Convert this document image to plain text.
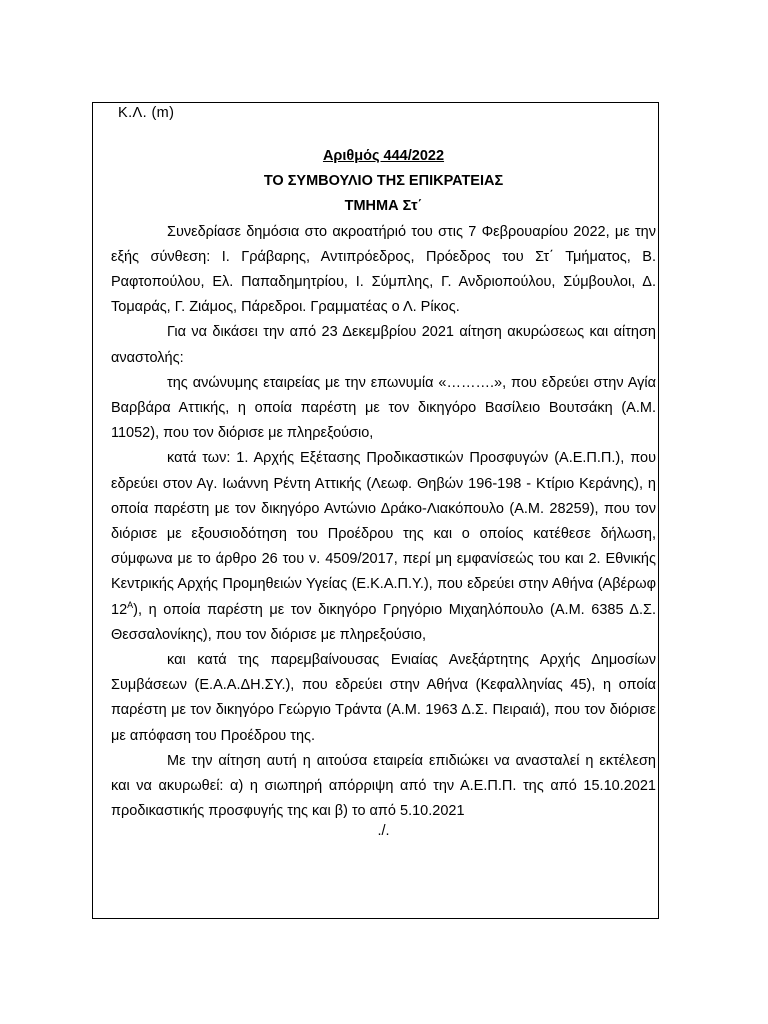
Κ.Λ. (m)

Αριθμός 444/2022

ΤΟ ΣΥΜΒΟΥΛΙΟ ΤΗΣ ΕΠΙΚΡΑΤΕΙΑΣ

ΤΜΗΜΑ Στ΄

Συνεδρίασε δημόσια στο ακροατήριό του στις 7 Φεβρουαρίου 2022, με την εξής σύνθεση: Ι. Γράβαρης, Αντιπρόεδρος, Πρόεδρος του Στ΄ Τμήματος, Β. Ραφτοπούλου, Ελ. Παπαδημητρίου, Ι. Σύμπλης, Γ. Ανδριοπούλου, Σύμβουλοι, Δ. Τομαράς, Γ. Ζιάμος, Πάρεδροι. Γραμματέας ο Λ. Ρίκος.

Για να δικάσει την από 23 Δεκεμβρίου 2021 αίτηση ακυρώσεως και αίτηση αναστολής:

της ανώνυμης εταιρείας με την επωνυμία «……….», που εδρεύει στην Αγία Βαρβάρα Αττικής, η οποία παρέστη με τον δικηγόρο Βασίλειο Βουτσάκη (Α.Μ. 11052), που τον διόρισε με πληρεξούσιο,

κατά των: 1. Αρχής Εξέτασης Προδικαστικών Προσφυγών (Α.Ε.Π.Π.), που εδρεύει στον Αγ. Ιωάννη Ρέντη Αττικής (Λεωφ. Θηβών 196-198 - Κτίριο Κεράνης), η οποία παρέστη με τον δικηγόρο Αντώνιο Δράκο-Λιακόπουλο (Α.Μ. 28259), που τον διόρισε με εξουσιοδότηση του Προέδρου της και ο οποίος κατέθεσε δήλωση, σύμφωνα με το άρθρο 26 του ν. 4509/2017, περί μη εμφανίσεώς του και 2. Εθνικής Κεντρικής Αρχής Προμηθειών Υγείας (Ε.Κ.Α.Π.Υ.), που εδρεύει στην Αθήνα (Αβέρωφ $12^A$), η οποία παρέστη με τον δικηγόρο Γρηγόριο Μιχαηλόπουλο (Α.Μ. 6385 Δ.Σ. Θεσσαλονίκης), που τον διόρισε με πληρεξούσιο,

και κατά της παρεμβαίνουσας Ενιαίας Ανεξάρτητης Αρχής Δημοσίων Συμβάσεων (Ε.Α.Α.ΔΗ.ΣΥ.), που εδρεύει στην Αθήνα (Κεφαλληνίας 45), η οποία παρέστη με τον δικηγόρο Γεώργιο Τράντα (Α.Μ. 1963 Δ.Σ. Πειραιά), που τον διόρισε με απόφαση του Προέδρου της.

Με την αίτηση αυτή η αιτούσα εταιρεία επιδιώκει να ανασταλεί η εκτέλεση και να ακυρωθεί: α) η σιωπηρή απόρριψη από την Α.Ε.Π.Π. της από 15.10.2021 προδικαστικής προσφυγής της και β) το από 5.10.2021

./.
